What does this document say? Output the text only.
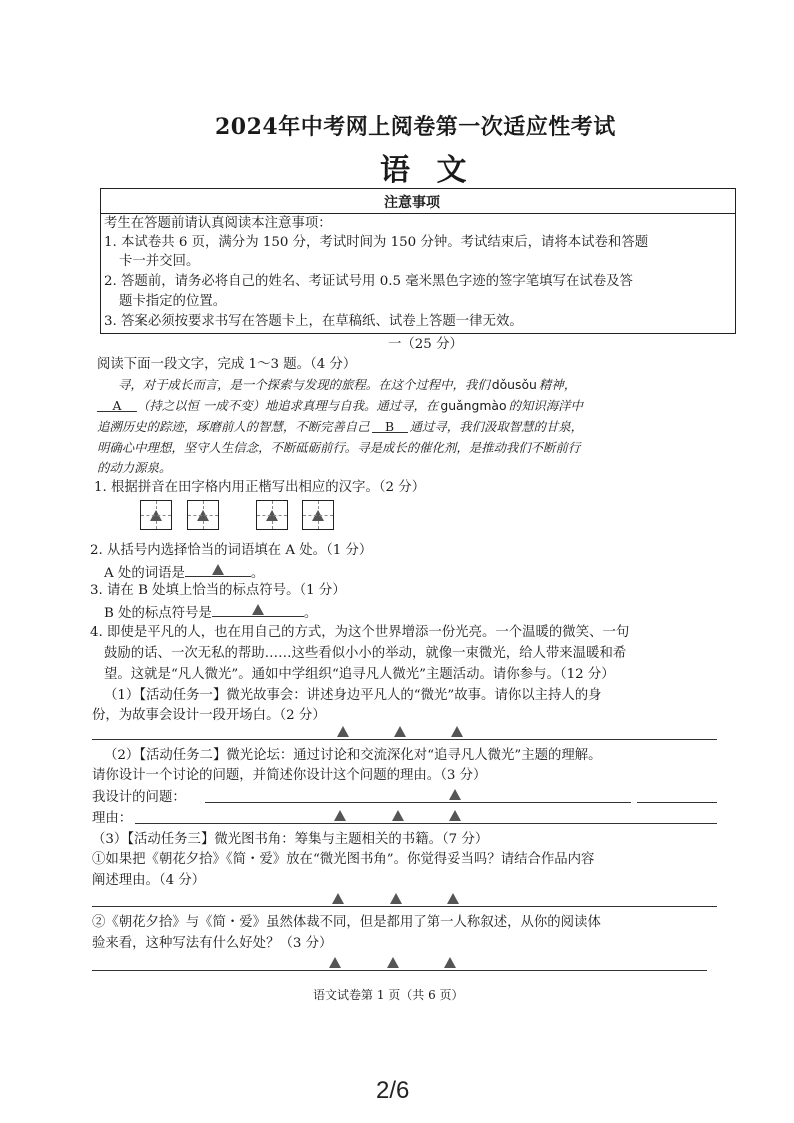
2024年中考网上阅卷第一次适应性考试
语 文
注意事项
考生在答题前请认真阅读本注意事项：
1. 本试卷共 6 页，满分为 150 分，考试时间为 150 分钟。考试结束后，请将本试卷和答题
卡一并交回。
2. 答题前，请务必将自己的姓名、考证试号用 0.5 毫米黑色字迹的签字笔填写在试卷及答
题卡指定的位置。
3. 答案必须按要求书写在答题卡上，在草稿纸、试卷上答题一律无效。
一（25 分）
阅读下面一段文字，完成 1～3 题。（4 分）
寻，对于成长而言，是一个探索与发现的旅程。在这个过程中，我们 dǒusǒu 精神，
A （持之以恒 一成不变）地追求真理与自我。通过寻，在 guǎngmào 的知识海洋中
追溯历史的踪迹，琢磨前人的智慧，不断完善自己 B 通过寻，我们汲取智慧的甘泉，
明确心中理想，坚守人生信念，不断砥砺前行。寻是成长的催化剂，是推动我们不断前行
的动力源泉。
1. 根据拼音在田字格内用正楷写出相应的汉字。（2 分）
2. 从括号内选择恰当的词语填在 A 处。（1 分）
A 处的词语是	。
3. 请在 B 处填上恰当的标点符号。（1 分）
B 处的标点符号是	。
4. 即使是平凡的人，也在用自己的方式，为这个世界增添一份光亮。一个温暖的微笑、一句
鼓励的话、一次无私的帮助……这些看似小小的举动，就像一束微光，给人带来温暖和希
望。这就是“凡人微光”。通如中学组织“追寻凡人微光”主题活动。请你参与。（12 分）
（1）【活动任务一】微光故事会：讲述身边平凡人的“微光”故事。请你以主持人的身
份，为故事会设计一段开场白。（2 分）
（2）【活动任务二】微光论坛：通过讨论和交流深化对“追寻凡人微光”主题的理解。
请你设计一个讨论的问题，并简述你设计这个问题的理由。（3 分）
我设计的问题：
理由：
（3）【活动任务三】微光图书角：筹集与主题相关的书籍。（7 分）
①如果把《朝花夕拾》《简・爱》放在“微光图书角”。你觉得妥当吗？请结合作品内容
阐述理由。（4 分）
②《朝花夕拾》与《简・爱》虽然体裁不同，但是都用了第一人称叙述，从你的阅读体
验来看，这种写法有什么好处？（3 分）
语文试卷第 1 页（共 6 页）
2/6
